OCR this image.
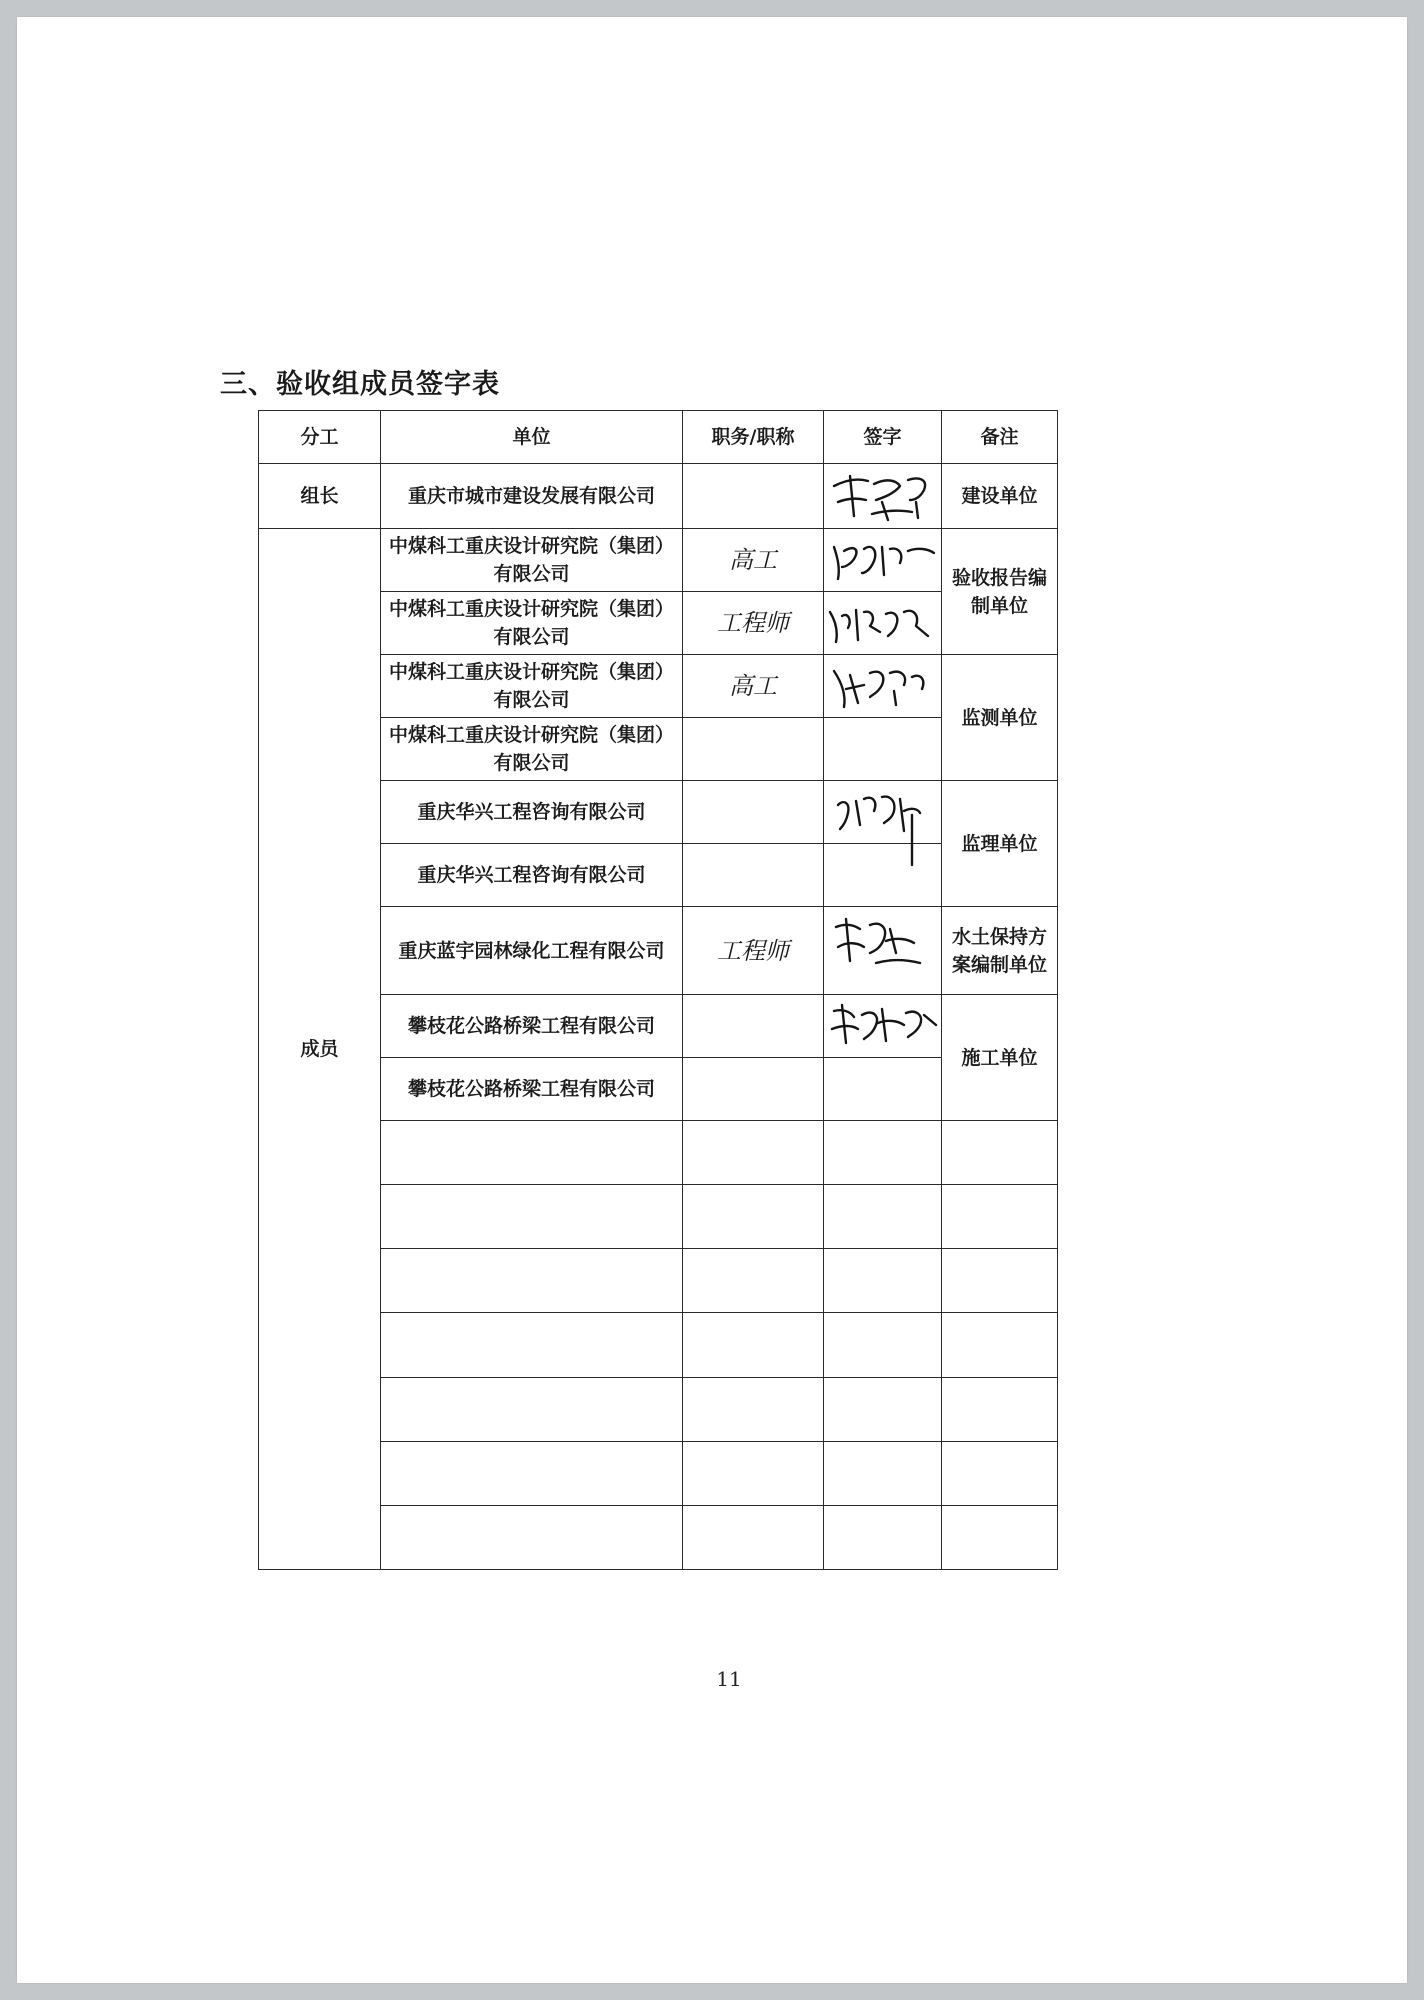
三、验收组成员签字表
分工	单位	职务/职称	签字	备注
组长	重庆市城市建设发展有限公司			建设单位
成员	中煤科工重庆设计研究院（集团）有限公司	高工		验收报告编制单位
	中煤科工重庆设计研究院（集团）有限公司	工程师	

	中煤科工重庆设计研究院（集团）有限公司	高工		监测单位
	中煤科工重庆设计研究院（集团）有限公司			
	重庆华兴工程咨询有限公司			监理单位
	重庆华兴工程咨询有限公司			
	重庆蓝宇园林绿化工程有限公司	工程师		水土保持方案编制单位
	攀枝花公路桥梁工程有限公司			施工单位
	攀枝花公路桥梁工程有限公司			

11
